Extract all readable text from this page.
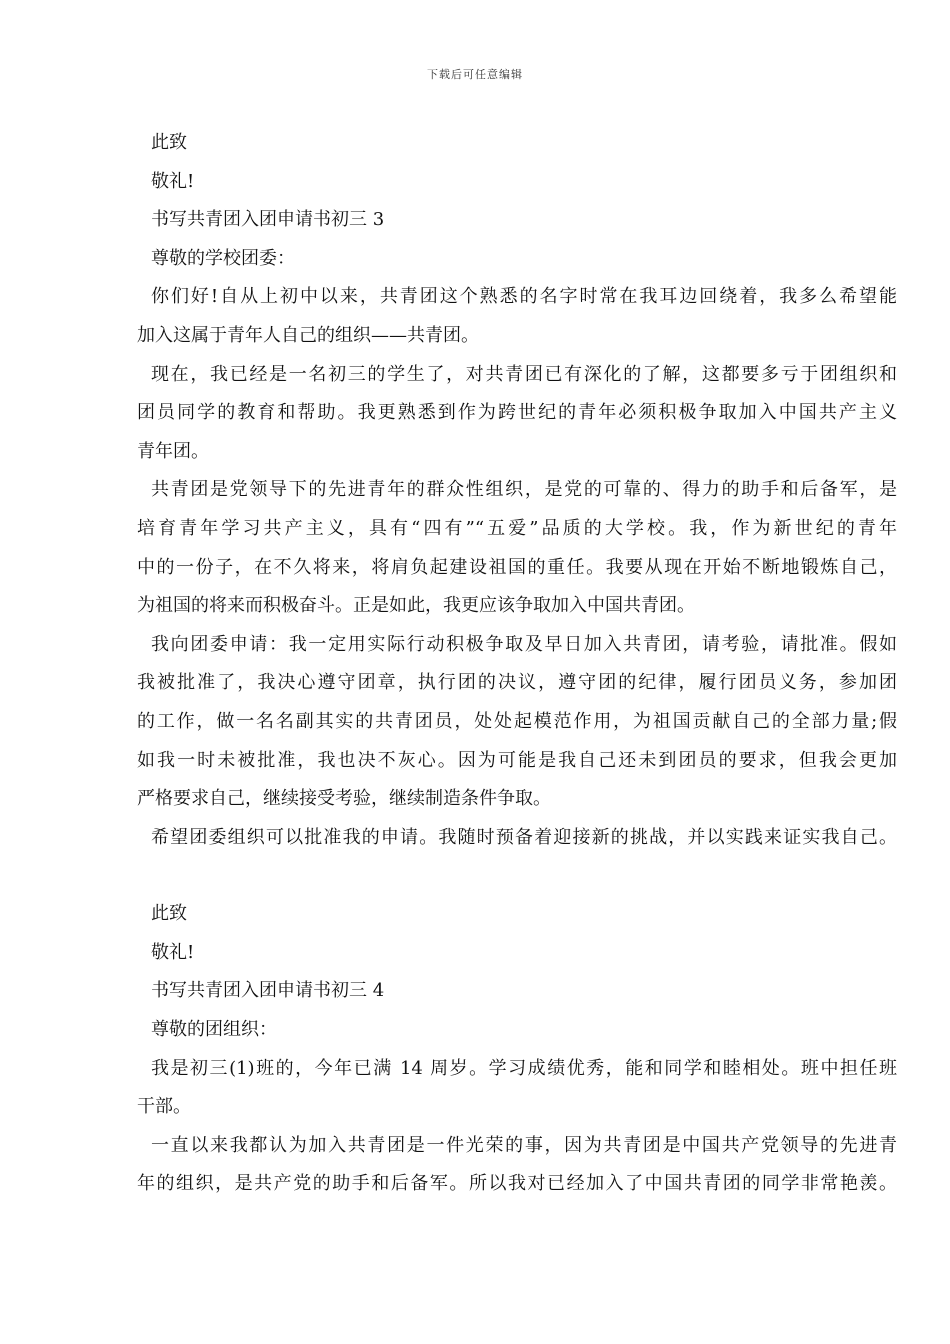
下载后可任意编辑
此致
敬礼!
书写共青团入团申请书初三 3
尊敬的学校团委：
你们好!自从上初中以来，共青团这个熟悉的名字时常在我耳边回绕着，我多么希望能
加入这属于青年人自己的组织——共青团。
现在，我已经是一名初三的学生了，对共青团已有深化的了解，这都要多亏于团组织和
团员同学的教育和帮助。我更熟悉到作为跨世纪的青年必须积极争取加入中国共产主义
青年团。
共青团是党领导下的先进青年的群众性组织，是党的可靠的、得力的助手和后备军，是
培育青年学习共产主义，具有“四有”“五爱”品质的大学校。我，作为新世纪的青年
中的一份子，在不久将来，将肩负起建设祖国的重任。我要从现在开始不断地锻炼自己，
为祖国的将来而积极奋斗。正是如此，我更应该争取加入中国共青团。
我向团委申请：我一定用实际行动积极争取及早日加入共青团，请考验，请批准。假如
我被批准了，我决心遵守团章，执行团的决议，遵守团的纪律，履行团员义务，参加团
的工作，做一名名副其实的共青团员，处处起模范作用，为祖国贡献自己的全部力量;假
如我一时未被批准，我也决不灰心。因为可能是我自己还未到团员的要求，但我会更加
严格要求自己，继续接受考验，继续制造条件争取。
希望团委组织可以批准我的申请。我随时预备着迎接新的挑战，并以实践来证实我自己。
此致
敬礼!
书写共青团入团申请书初三 4
尊敬的团组织：
我是初三(1)班的，今年已满 14 周岁。学习成绩优秀，能和同学和睦相处。班中担任班
干部。
一直以来我都认为加入共青团是一件光荣的事，因为共青团是中国共产党领导的先进青
年的组织，是共产党的助手和后备军。所以我对已经加入了中国共青团的同学非常艳羡。
